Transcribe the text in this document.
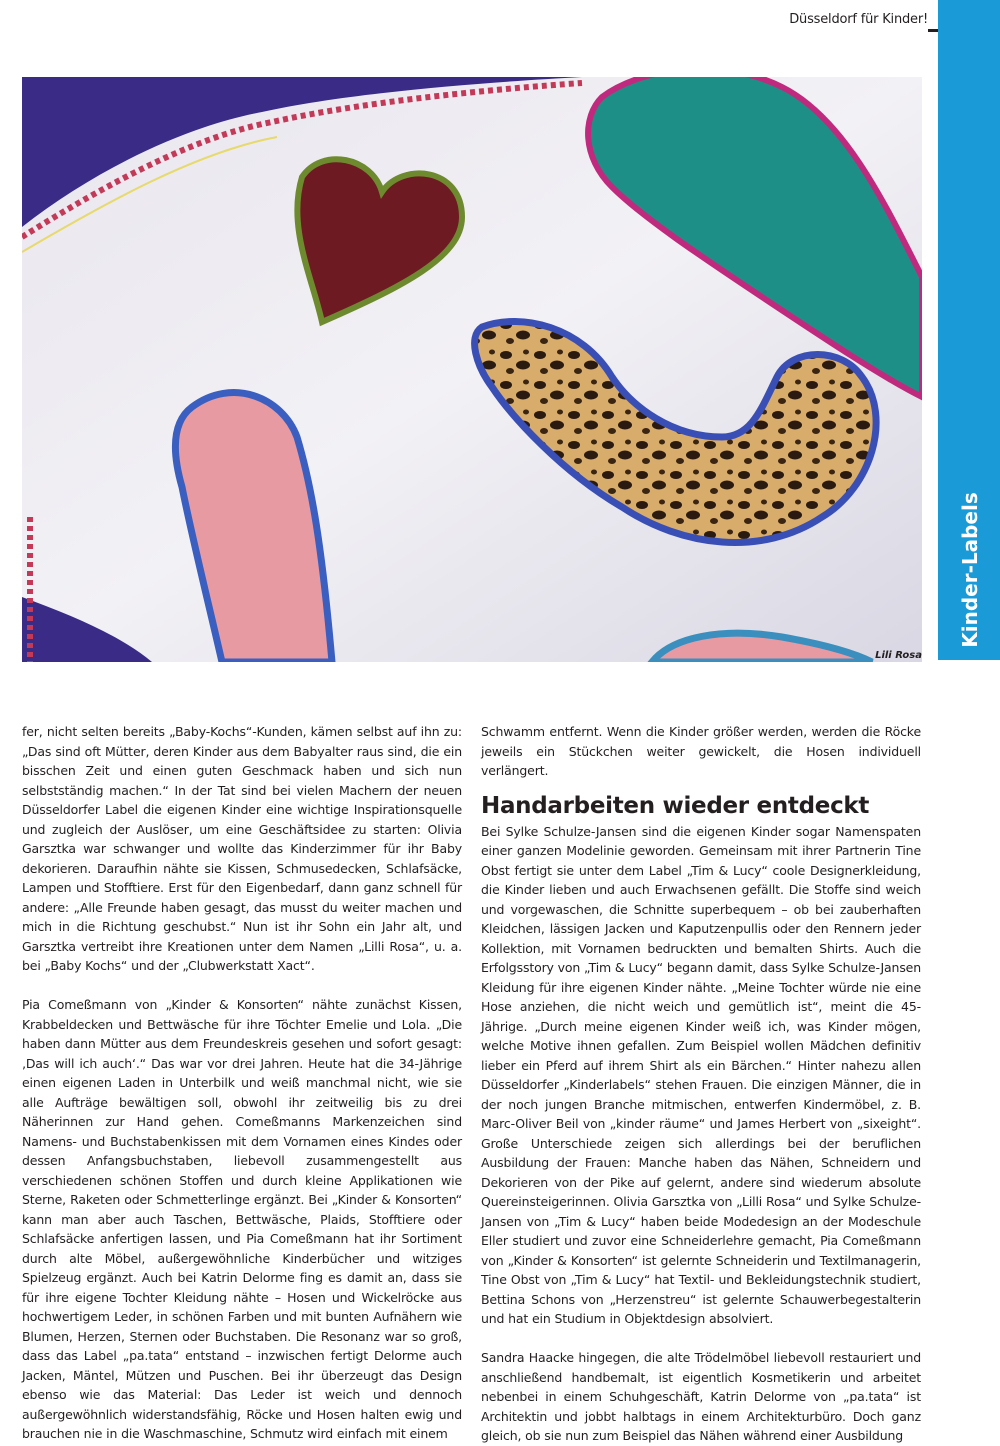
Düsseldorf für Kinder!
Kinder-Labels
Lili Rosa

fer, nicht selten bereits „Baby-Kochs“-Kunden, kämen selbst auf ihn zu: „Das sind oft Mütter, deren Kinder aus dem Babyalter raus sind, die ein bisschen Zeit und einen guten Geschmack haben und sich nun selbstständig machen.“ In der Tat sind bei vielen Machern der neuen Düsseldorfer Label die eigenen Kinder eine wichtige Inspirationsquelle und zugleich der Auslöser, um eine Geschäftsidee zu starten: Olivia Garsztka war schwanger und wollte das Kinderzimmer für ihr Baby dekorieren. Daraufhin nähte sie Kissen, Schmusedecken, Schlafsäcke, Lampen und Stofftiere. Erst für den Eigenbedarf, dann ganz schnell für andere: „Alle Freunde haben gesagt, das musst du weiter machen und mich in die Richtung geschubst.“ Nun ist ihr Sohn ein Jahr alt, und Garsztka vertreibt ihre Kreationen unter dem Namen „Lilli Rosa“, u. a. bei „Baby Kochs“ und der „Clubwerkstatt Xact“.

Pia Comeßmann von „Kinder & Konsorten“ nähte zunächst Kissen, Krabbeldecken und Bettwäsche für ihre Töchter Emelie und Lola. „Die haben dann Mütter aus dem Freundeskreis gesehen und sofort gesagt: ‚Das will ich auch‘.“ Das war vor drei Jahren. Heute hat die 34-Jährige einen eigenen Laden in Unterbilk und weiß manchmal nicht, wie sie alle Aufträge bewältigen soll, obwohl ihr zeitweilig bis zu drei Näherinnen zur Hand gehen. Comeßmanns Markenzeichen sind Namens- und Buchstabenkissen mit dem Vornamen eines Kindes oder dessen Anfangsbuchstaben, liebevoll zusammengestellt aus verschiedenen schönen Stoffen und durch kleine Applikationen wie Sterne, Raketen oder Schmetterlinge ergänzt. Bei „Kinder & Konsorten“ kann man aber auch Taschen, Bettwäsche, Plaids, Stofftiere oder Schlafsäcke anfertigen lassen, und Pia Comeßmann hat ihr Sortiment durch alte Möbel, außergewöhnliche Kinderbücher und witziges Spielzeug ergänzt. Auch bei Katrin Delorme fing es damit an, dass sie für ihre eigene Tochter Kleidung nähte – Hosen und Wickelröcke aus hochwertigem Leder, in schönen Farben und mit bunten Aufnähern wie Blumen, Herzen, Sternen oder Buchstaben. Die Resonanz war so groß, dass das Label „pa.tata“ entstand – inzwischen fertigt Delorme auch Jacken, Mäntel, Mützen und Puschen. Bei ihr überzeugt das Design ebenso wie das Material: Das Leder ist weich und dennoch außergewöhnlich widerstandsfähig, Röcke und Hosen halten ewig und brauchen nie in die Waschmaschine, Schmutz wird einfach mit einem

Schwamm entfernt. Wenn die Kinder größer werden, werden die Röcke jeweils ein Stückchen weiter gewickelt, die Hosen individuell verlängert.

Handarbeiten wieder entdeckt

Bei Sylke Schulze-Jansen sind die eigenen Kinder sogar Namenspaten einer ganzen Modelinie geworden. Gemeinsam mit ihrer Partnerin Tine Obst fertigt sie unter dem Label „Tim & Lucy“ coole Designerkleidung, die Kinder lieben und auch Erwachsenen gefällt. Die Stoffe sind weich und vorgewaschen, die Schnitte superbequem – ob bei zauberhaften Kleidchen, lässigen Jacken und Kaputzenpullis oder den Rennern jeder Kollektion, mit Vornamen bedruckten und bemalten Shirts. Auch die Erfolgsstory von „Tim & Lucy“ begann damit, dass Sylke Schulze-Jansen Kleidung für ihre eigenen Kinder nähte. „Meine Tochter würde nie eine Hose anziehen, die nicht weich und gemütlich ist“, meint die 45-Jährige. „Durch meine eigenen Kinder weiß ich, was Kinder mögen, welche Motive ihnen gefallen. Zum Beispiel wollen Mädchen definitiv lieber ein Pferd auf ihrem Shirt als ein Bärchen.“ Hinter nahezu allen Düsseldorfer „Kinderlabels“ stehen Frauen. Die einzigen Männer, die in der noch jungen Branche mitmischen, entwerfen Kindermöbel, z. B. Marc-Oliver Beil von „kinder räume“ und James Herbert von „sixeight“. Große Unterschiede zeigen sich allerdings bei der beruflichen Ausbildung der Frauen: Manche haben das Nähen, Schneidern und Dekorieren von der Pike auf gelernt, andere sind wiederum absolute Quereinsteigerinnen. Olivia Garsztka von „Lilli Rosa“ und Sylke Schulze-Jansen von „Tim & Lucy“ haben beide Modedesign an der Modeschule Eller studiert und zuvor eine Schneiderlehre gemacht, Pia Comeßmann von „Kinder & Konsorten“ ist gelernte Schneiderin und Textilmanagerin, Tine Obst von „Tim & Lucy“ hat Textil- und Bekleidungstechnik studiert, Bettina Schons von „Herzenstreu“ ist gelernte Schauwerbegestalterin und hat ein Studium in Objektdesign absolviert.

Sandra Haacke hingegen, die alte Trödelmöbel liebevoll restauriert und anschließend handbemalt, ist eigentlich Kosmetikerin und arbeitet nebenbei in einem Schuhgeschäft, Katrin Delorme von „pa.tata“ ist Architektin und jobbt halbtags in einem Architekturbüro. Doch ganz gleich, ob sie nun zum Beispiel das Nähen während einer Ausbildung
